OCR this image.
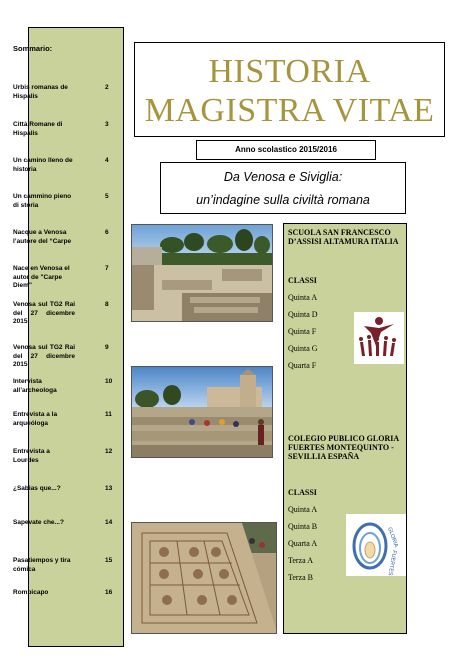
Sommario:
Urbis romanas de Hispalis
2
Città Romane di Hispalis
3
Un camino lleno de historia
4
Un cammino pieno di storia
5
Nacque a Venosa l’autore del “Carpe
6
Nace en Venosa el autor de "Carpe Diem"
7
Venosa sul TG2 Rai del 27 dicembre 2015
8
Venosa sul TG2 Rai del 27 dicembre 2015
9
Intervista all’archeologa
10
Entrevista a la arqueóloga
11
Entrevista a Lourdes
12
¿Sabias que...?	13
Sapevate che...?	14
Pasatiempos y tira cómica
15
Rompicapo	16
HISTORIA
MAGISTRA VITAE
Anno scolastico 2015/2016
Da Venosa e Siviglia:
un’indagine sulla civiltà romana
SCUOLA SAN FRANCESCO D’ASSISI ALTAMURA ITALIA
CLASSI
Quinta A
Quinta D
Quinta F
Quinta G
Quarta F
COLEGIO PUBLICO GLORIA FUERTES MONTEQUINTO - SEVILLIA ESPAÑA
CLASSI
Quinta A
Quinta B
Quarta A
Terza A
Terza B
GLORIA
FUERTES
